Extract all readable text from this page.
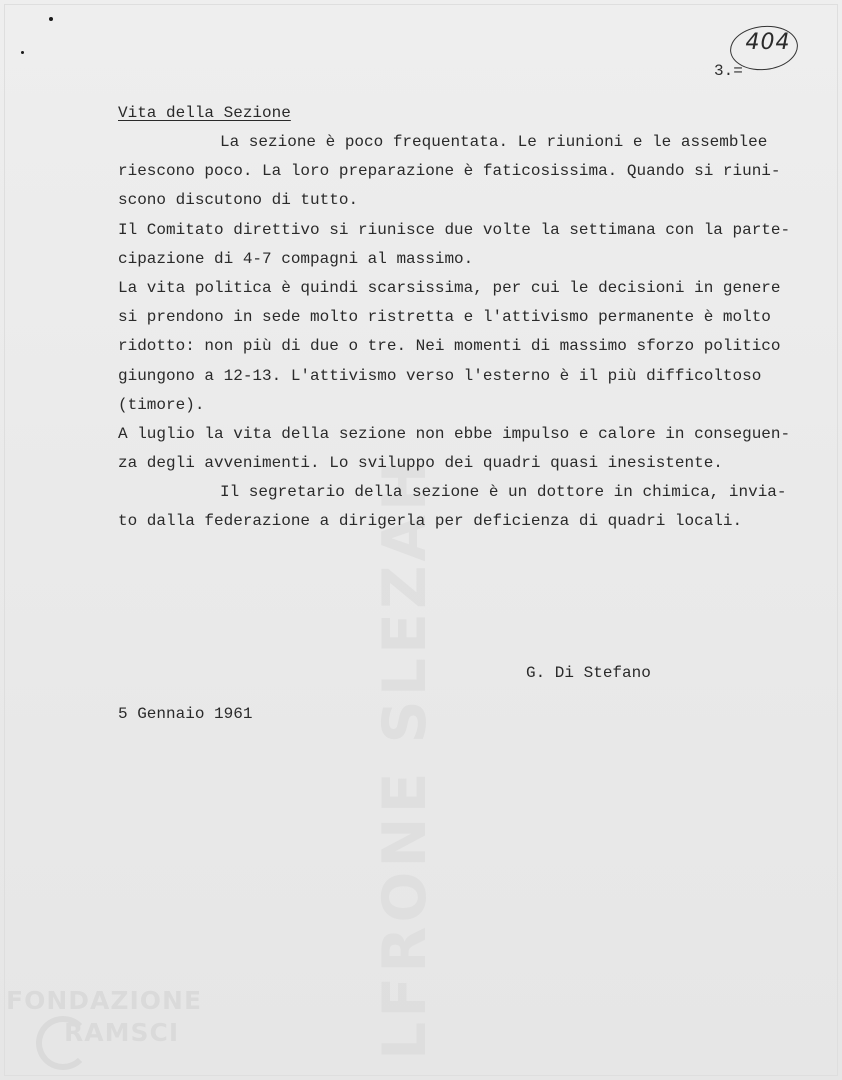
LFRONE SLEZAH
404
3.=
Vita della Sezione
La sezione è poco frequentata. Le riunioni e le assemblee
riescono poco. La loro preparazione è faticosissima. Quando si riuni-
scono discutono di tutto.
Il Comitato direttivo si riunisce due volte la settimana con la parte-
cipazione di 4-7 compagni al massimo.
La vita politica è quindi scarsissima, per cui le decisioni in genere
si prendono in sede molto ristretta e l'attivismo permanente è molto
ridotto: non più di due o tre. Nei momenti di massimo sforzo politico
giungono a 12-13. L'attivismo verso l'esterno è il più difficoltoso
(timore).
A luglio la vita della sezione non ebbe impulso e calore in conseguen-
za degli avvenimenti. Lo sviluppo dei quadri quasi inesistente.
Il segretario della sezione è un dottore in chimica, invia-
to dalla federazione a dirigerla per deficienza di quadri locali.
G. Di Stefano
5 Gennaio 1961
FONDAZIONE
RAMSCI
